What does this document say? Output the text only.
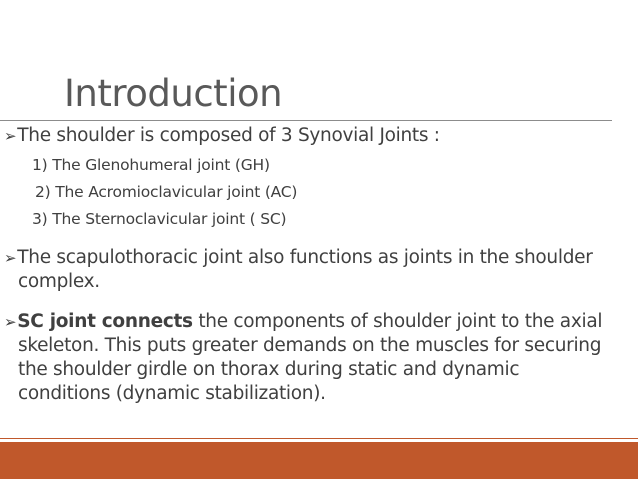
Introduction
➢The shoulder is composed of 3 Synovial Joints :
1) The Glenohumeral joint (GH)
2) The Acromioclavicular joint (AC)
3) The Sternoclavicular joint ( SC)
➢The scapulothoracic joint also functions as joints in the shoulder
complex.
➢SC joint connects the components of shoulder joint to the axial
skeleton. This puts greater demands on the muscles for securing
the shoulder girdle on thorax during static and dynamic
conditions (dynamic stabilization).
